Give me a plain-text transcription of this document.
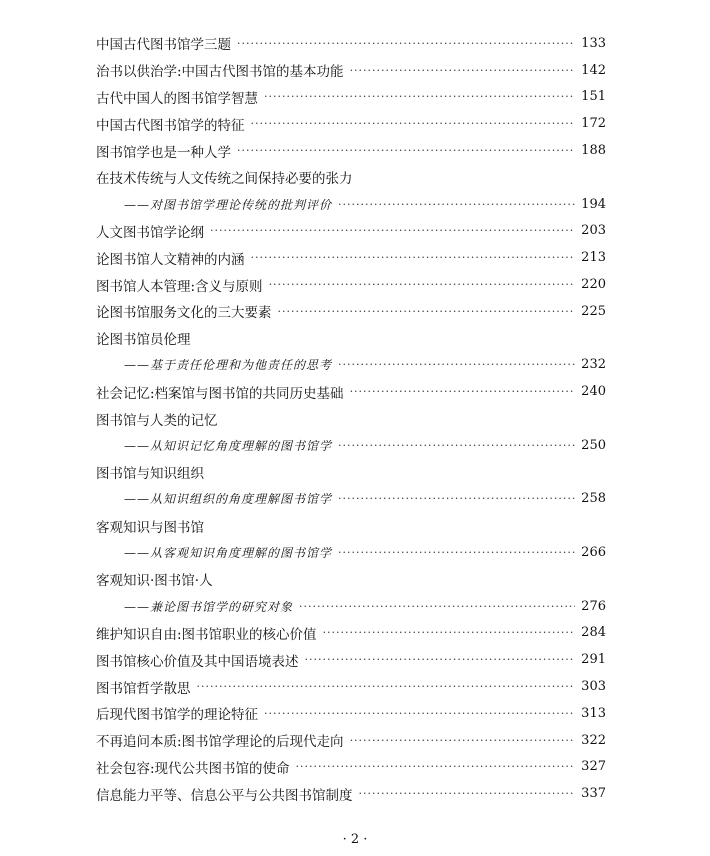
中国古代图书馆学三题 ·····	133
治书以供治学:中国古代图书馆的基本功能 ·····	142
古代中国人的图书馆学智慧 ·····	151
中国古代图书馆学的特征 ·····	172
图书馆学也是一种人学 ·····	188
在技术传统与人文传统之间保持必要的张力
——对图书馆学理论传统的批判评价 ·····	194
人文图书馆学论纲 ·····	203
论图书馆人文精神的内涵 ·····	213
图书馆人本管理:含义与原则 ·····	220
论图书馆服务文化的三大要素 ·····	225
论图书馆员伦理
——基于责任伦理和为他责任的思考 ·····	232
社会记忆:档案馆与图书馆的共同历史基础 ·····	240
图书馆与人类的记忆
——从知识记忆角度理解的图书馆学 ·····	250
图书馆与知识组织
——从知识组织的角度理解图书馆学 ·····	258
客观知识与图书馆
——从客观知识角度理解的图书馆学 ·····	266
客观知识·图书馆·人
——兼论图书馆学的研究对象 ·····	276
维护知识自由:图书馆职业的核心价值 ·····	284
图书馆核心价值及其中国语境表述 ·····	291
图书馆哲学散思 ·····	303
后现代图书馆学的理论特征 ·····	313
不再追问本质:图书馆学理论的后现代走向 ·····	322
社会包容:现代公共图书馆的使命 ·····	327
信息能力平等、信息公平与公共图书馆制度 ·····	337
· 2 ·
